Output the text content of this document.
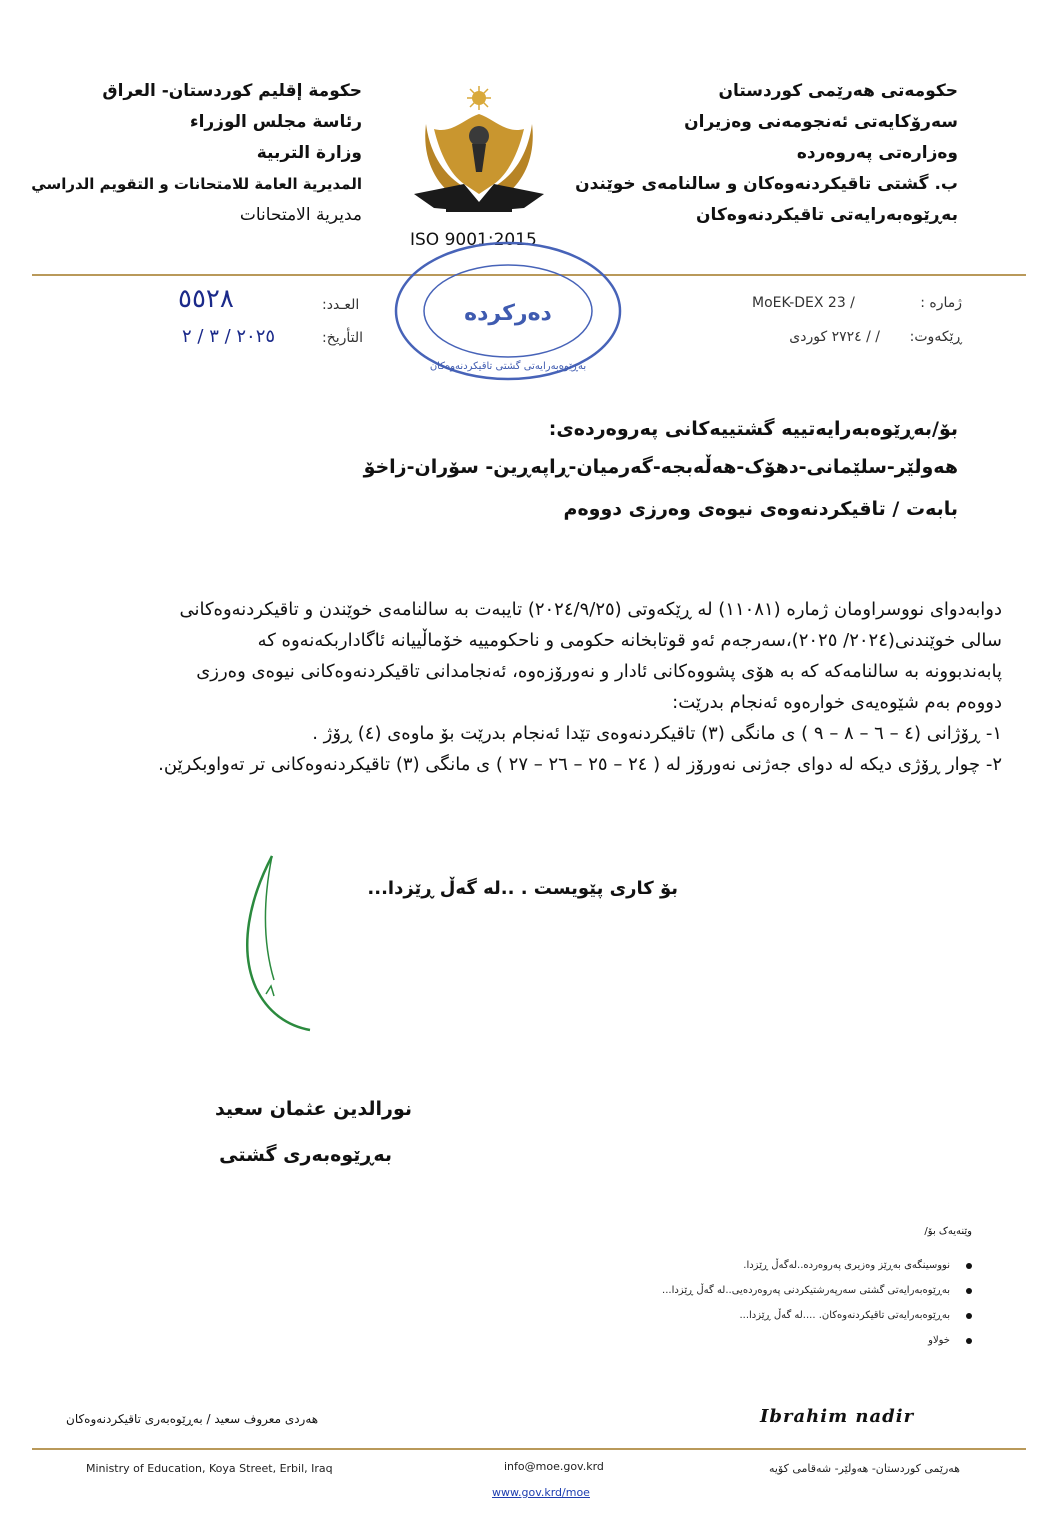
حکومەتی هەرێمی کوردستان
سەرۆکایەتی ئەنجومەنی وەزیران
وەزارەتی پەروەردە
ب. گشتی تاقیکردنەوەکان و سالنامەی خوێندن
بەڕێوەبەرایەتی تاقیکردنەوەکان
حكومة إقليم كوردستان- العراق
رئاسة مجلس الوزراء
وزارة التربية
المديرية العامة للامتحانات و التقويم الدراسي
مديرية الامتحانات
ISO 9001:2015
دەرکردە
بەڕێوەبەرایەتی گشتی تاقیکردنەوەکان
ژمارە :
MoEK-DEX 23 /
ڕێکەوت:
/ / ٢٧٢٤ کوردی
العـدد:
التأريخ:
٥٥٢٨
٢٠٢٥ / ٣ / ٢
بۆ/بەڕێوەبەرایەتیيە گشتییەکانی پەروەردەی:
هەولێر-سلێمانی-دهۆک-هەڵەبجە-گەرمیان-ڕاپەڕین- سۆران-زاخۆ
بابەت / تاقیکردنەوەی نیوەی وەرزی دووەم
دوابەدوای نووسراومان ژمارە (١١٠٨١) لە ڕێکەوتی (٢٠٢٤/٩/٢٥) تایبەت بە سالنامەی خوێندن و تاقیکردنەوەکانی
سالی خوێندنی(٢٠٢٤/ ٢٠٢٥)،سەرجەم ئەو قوتابخانە حکومی و ناحکومییە خۆماڵییانە ئاگاداربکەنەوە کە
پابەندبوونە بە سالنامەکە کە بە هۆی پشووەکانی ئادار و نەورۆزەوە، ئەنجامدانی تاقیکردنەوەکانی نیوەی وەرزی
دووەم بەم شێوەیەی خوارەوە ئەنجام بدرێت:
١- ڕۆژانی (٤ – ٦ – ٨ – ٩ ) ی مانگی (٣) تاقیکردنەوەی تێدا ئەنجام بدرێت بۆ ماوەی (٤) ڕۆژ .
٢- چوار ڕۆژی دیکە لە دوای جەژنی نەورۆز لە ( ٢٤ – ٢٥ – ٢٦ – ٢٧ ) ی مانگی (٣) تاقیکردنەوەکانی تر تەواوبکرێن.
بۆ کاری پێویست . ..لە گەڵ ڕێزدا...
نورالدين عثمان سعيد
بەڕێوەبەری گشتی
وێنەیەک بۆ/
نووسینگەی بەڕێز وەزیری پەروەردە..لەگەڵ ڕێزدا.
بەڕێوەبەرایەتی گشتی سەرپەرشتیکردنی پەروەردەیی..لە گەڵ ڕێزدا...
بەڕێوەبەرایەتی تاقیکردنەوەکان. ....لە گەڵ ڕێزدا...
خولاو
هەردی معروف سعيد / بەڕێوەبەری تاقیکردنەوەکان	Ibrahim nadir
Ministry of Education, Koya Street, Erbil, Iraq	info@moe.gov.krd
www.gov.krd/moe
هەرێمی کوردستان- هەولێر- شەقامی کۆیە
